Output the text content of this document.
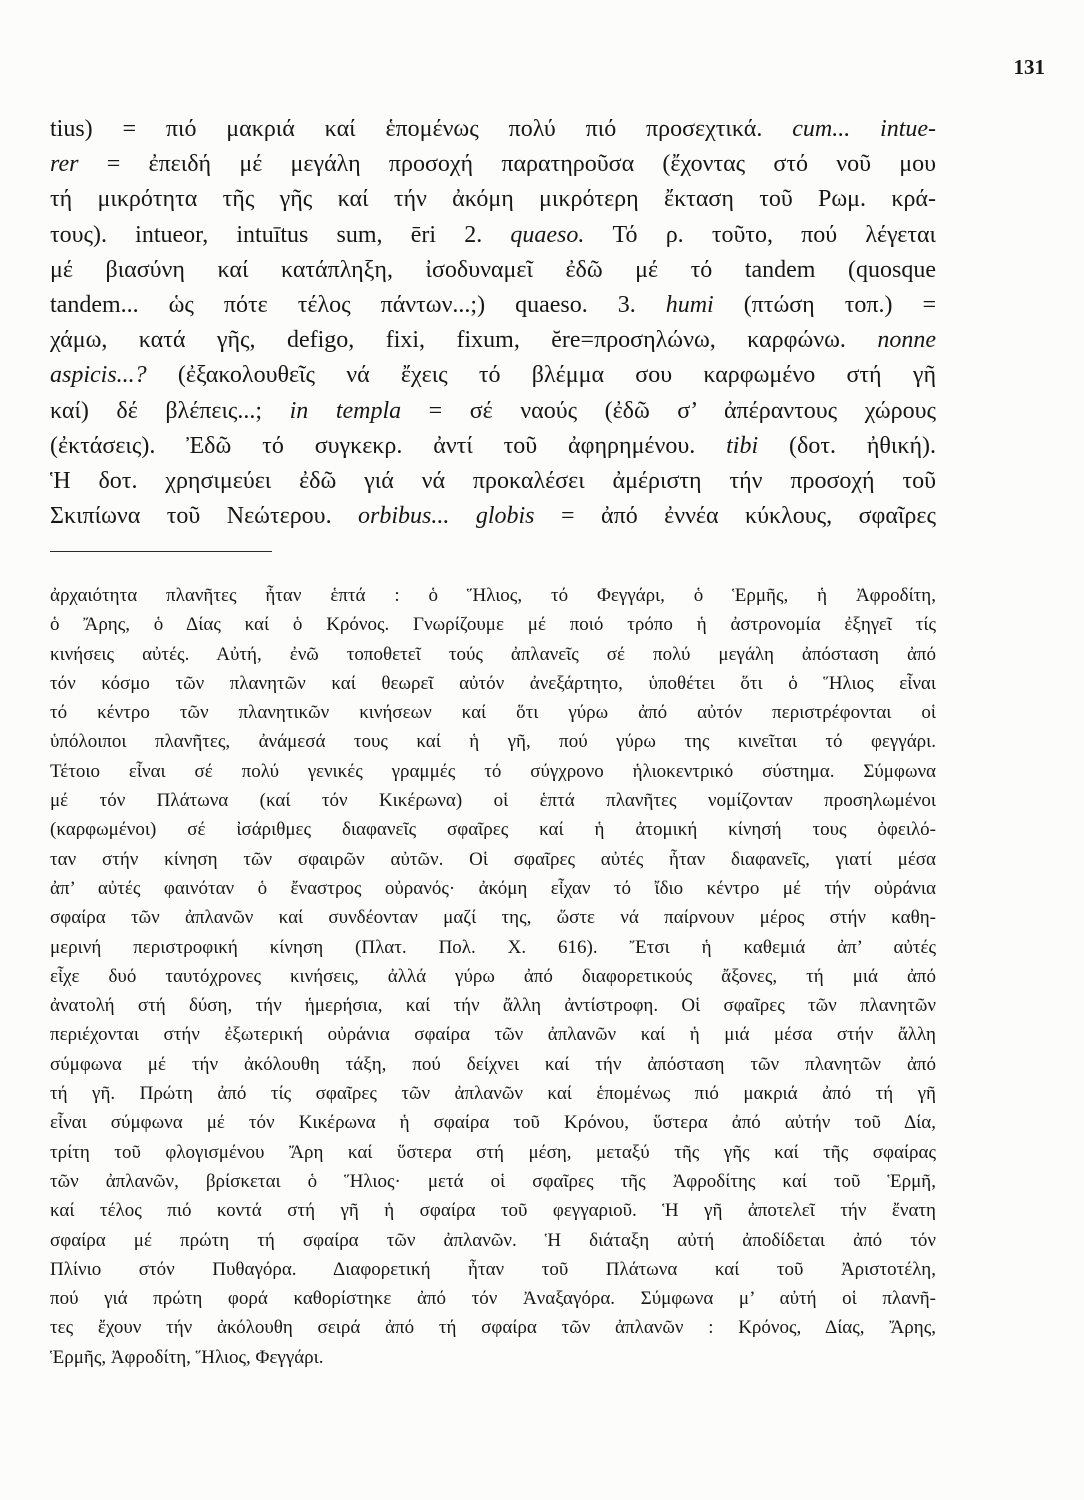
131
tius) = πιό μακριά καί ἑπομένως πολύ πιό προσεχτικά. cum... intue-
rer = ἐπειδή μέ μεγάλη προσοχή παρατηροῦσα (ἔχοντας στό νοῦ μου
τή μικρότητα τῆς γῆς καί τήν ἀκόμη μικρότερη ἔκταση τοῦ Ρωμ. κρά-
τους). intueor, intuītus sum, ēri 2. quaeso. Τό ρ. τοῦτο, πού λέγεται
μέ βιασύνη καί κατάπληξη, ἰσοδυναμεῖ ἐδῶ μέ τό tandem (quosque
tandem... ὡς πότε τέλος πάντων...;) quaeso. 3. humi (πτώση τοπ.) =
χάμω, κατά γῆς, defigo, fixi, fixum, ĕre=προσηλώνω, καρφώνω. nonne
aspicis...? (ἐξακολουθεῖς νά ἔχεις τό βλέμμα σου καρφωμένο στή γῆ
καί) δέ βλέπεις...; in templa = σέ ναούς (ἐδῶ σ’ ἀπέραντους χώρους
(ἐκτάσεις). Ἐδῶ τό συγκεκρ. ἀντί τοῦ ἀφηρημένου. tibi (δοτ. ἠθική).
Ἡ δοτ. χρησιμεύει ἐδῶ γιά νά προκαλέσει ἀμέριστη τήν προσοχή τοῦ
Σκιπίωνα τοῦ Νεώτερου. orbibus... globis = ἀπό ἐννέα κύκλους, σφαῖρες
ἀρχαιότητα πλανῆτες ἦταν ἑπτά : ὁ Ἥλιος, τό Φεγγάρι, ὁ Ἑρμῆς, ἡ Ἀφροδίτη,
ὁ Ἄρης, ὁ Δίας καί ὁ Κρόνος. Γνωρίζουμε μέ ποιό τρόπο ἡ ἀστρονομία ἐξηγεῖ τίς
κινήσεις αὐτές. Αὐτή, ἐνῶ τοποθετεῖ τούς ἀπλανεῖς σέ πολύ μεγάλη ἀπόσταση ἀπό
τόν κόσμο τῶν πλανητῶν καί θεωρεῖ αὐτόν ἀνεξάρτητο, ὑποθέτει ὅτι ὁ Ἥλιος εἶναι
τό κέντρο τῶν πλανητικῶν κινήσεων καί ὅτι γύρω ἀπό αὐτόν περιστρέφονται οἱ
ὑπόλοιποι πλανῆτες, ἀνάμεσά τους καί ἡ γῆ, πού γύρω της κινεῖται τό φεγγάρι.
Τέτοιο εἶναι σέ πολύ γενικές γραμμές τό σύγχρονο ἡλιοκεντρικό σύστημα. Σύμφωνα
μέ τόν Πλάτωνα (καί τόν Κικέρωνα) οἱ ἑπτά πλανῆτες νομίζονταν προσηλωμένοι
(καρφωμένοι) σέ ἰσάριθμες διαφανεῖς σφαῖρες καί ἡ ἀτομική κίνησή τους ὀφειλό-
ταν στήν κίνηση τῶν σφαιρῶν αὐτῶν. Οἱ σφαῖρες αὐτές ἦταν διαφανεῖς, γιατί μέσα
ἀπ’ αὐτές φαινόταν ὁ ἔναστρος οὐρανός· ἀκόμη εἶχαν τό ἴδιο κέντρο μέ τήν οὐράνια
σφαίρα τῶν ἀπλανῶν καί συνδέονταν μαζί της, ὥστε νά παίρνουν μέρος στήν καθη-
μερινή περιστροφική κίνηση (Πλατ. Πολ. Χ. 616). Ἔτσι ἡ καθεμιά ἀπ’ αὐτές
εἶχε δυό ταυτόχρονες κινήσεις, ἀλλά γύρω ἀπό διαφορετικούς ἄξονες, τή μιά ἀπό
ἀνατολή στή δύση, τήν ἡμερήσια, καί τήν ἄλλη ἀντίστροφη. Οἱ σφαῖρες τῶν πλανητῶν
περιέχονται στήν ἐξωτερική οὐράνια σφαίρα τῶν ἀπλανῶν καί ἡ μιά μέσα στήν ἄλλη
σύμφωνα μέ τήν ἀκόλουθη τάξη, πού δείχνει καί τήν ἀπόσταση τῶν πλανητῶν ἀπό
τή γῆ. Πρώτη ἀπό τίς σφαῖρες τῶν ἀπλανῶν καί ἑπομένως πιό μακριά ἀπό τή γῆ
εἶναι σύμφωνα μέ τόν Κικέρωνα ἡ σφαίρα τοῦ Κρόνου, ὕστερα ἀπό αὐτήν τοῦ Δία,
τρίτη τοῦ φλογισμένου Ἄρη καί ὕστερα στή μέση, μεταξύ τῆς γῆς καί τῆς σφαίρας
τῶν ἀπλανῶν, βρίσκεται ὁ Ἥλιος· μετά οἱ σφαῖρες τῆς Ἀφροδίτης καί τοῦ Ἑρμῆ,
καί τέλος πιό κοντά στή γῆ ἡ σφαίρα τοῦ φεγγαριοῦ. Ἡ γῆ ἀποτελεῖ τήν ἔνατη
σφαίρα μέ πρώτη τή σφαίρα τῶν ἀπλανῶν. Ἡ διάταξη αὐτή ἀποδίδεται ἀπό τόν
Πλίνιο στόν Πυθαγόρα. Διαφορετική ἦταν τοῦ Πλάτωνα καί τοῦ Ἀριστοτέλη,
πού γιά πρώτη φορά καθορίστηκε ἀπό τόν Ἀναξαγόρα. Σύμφωνα μ’ αὐτή οἱ πλανῆ-
τες ἔχουν τήν ἀκόλουθη σειρά ἀπό τή σφαίρα τῶν ἀπλανῶν : Κρόνος, Δίας, Ἄρης,
Ἑρμῆς, Ἀφροδίτη, Ἥλιος, Φεγγάρι.
